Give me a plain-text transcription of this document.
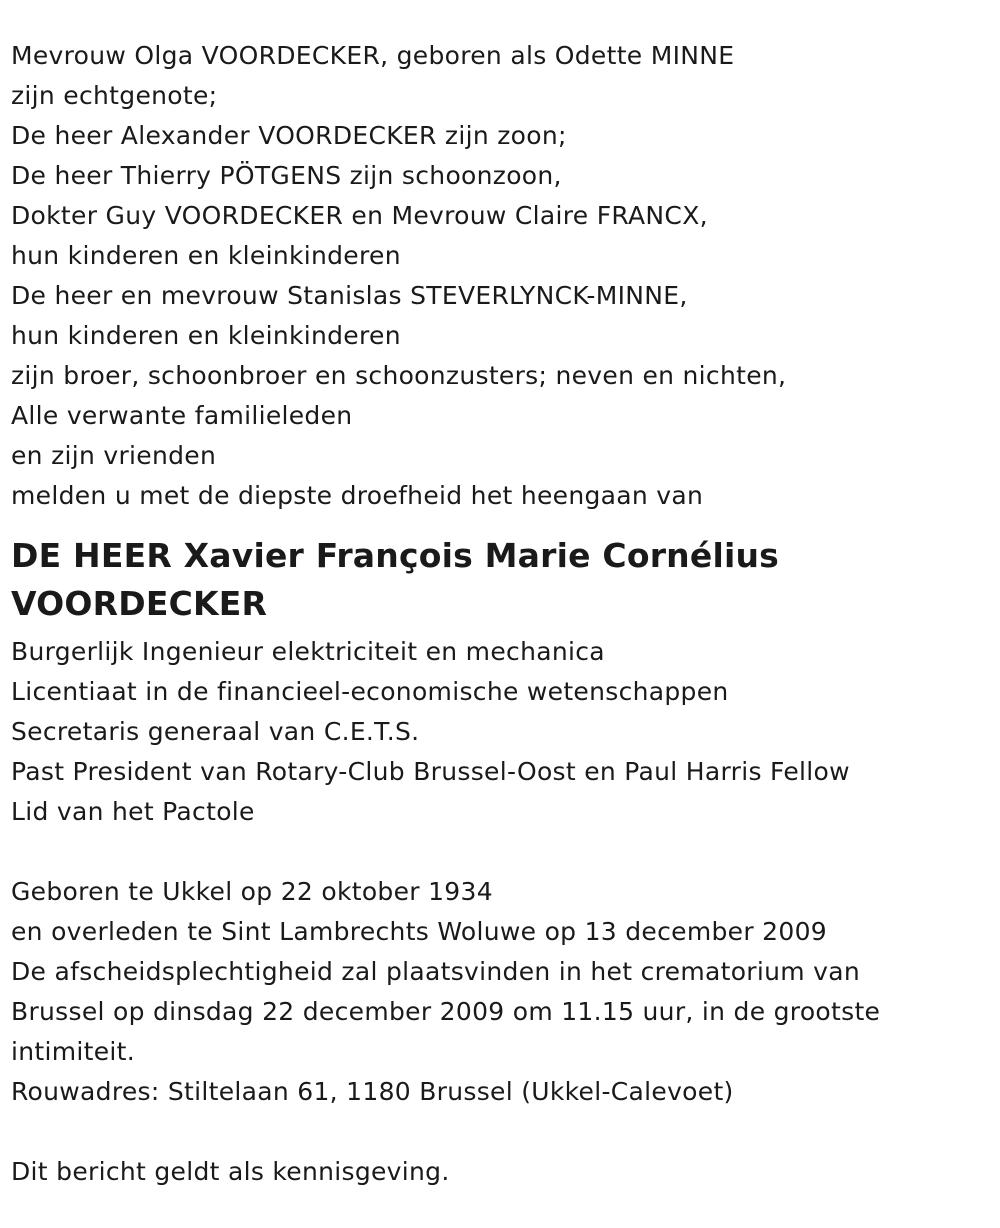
Mevrouw Olga VOORDECKER, geboren als Odette MINNE
zijn echtgenote;
De heer Alexander VOORDECKER zijn zoon;
De heer Thierry PÖTGENS zijn schoonzoon,
Dokter Guy VOORDECKER en Mevrouw Claire FRANCX,
hun kinderen en kleinkinderen
De heer en mevrouw Stanislas STEVERLYNCK-MINNE,
hun kinderen en kleinkinderen
zijn broer, schoonbroer en schoonzusters; neven en nichten,
Alle verwante familieleden
en zijn vrienden
melden u met de diepste droefheid het heengaan van
DE HEER Xavier François Marie Cornélius
VOORDECKER
Burgerlijk Ingenieur elektriciteit en mechanica
Licentiaat in de financieel-economische wetenschappen
Secretaris generaal van C.E.T.S.
Past President van Rotary-Club Brussel-Oost en Paul Harris Fellow
Lid van het Pactole
Geboren te Ukkel op 22 oktober 1934
en overleden te Sint Lambrechts Woluwe op 13 december 2009
De afscheidsplechtigheid zal plaatsvinden in het crematorium van
Brussel op dinsdag 22 december 2009 om 11.15 uur, in de grootste
intimiteit.
Rouwadres: Stiltelaan 61, 1180 Brussel (Ukkel-Calevoet)
Dit bericht geldt als kennisgeving.
